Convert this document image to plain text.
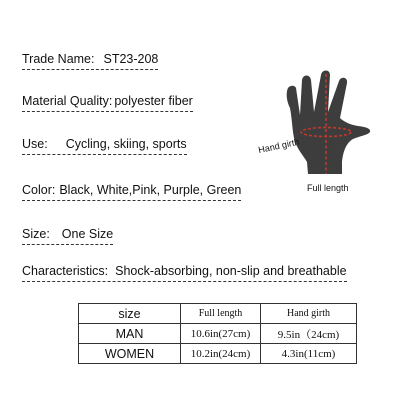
Trade Name: ST23-208
Material Quality: polyester fiber
Use: Cycling, skiing, sports
Color: Black, White,Pink, Purple, Green
Size: One Size
Characteristics: Shock-absorbing, non-slip and breathable
Hand girth
Full length
size	Full length	Hand girth
MAN	10.6in(27cm)	9.5in（24cm)
WOMEN	10.2in(24cm)	4.3in(11cm)
